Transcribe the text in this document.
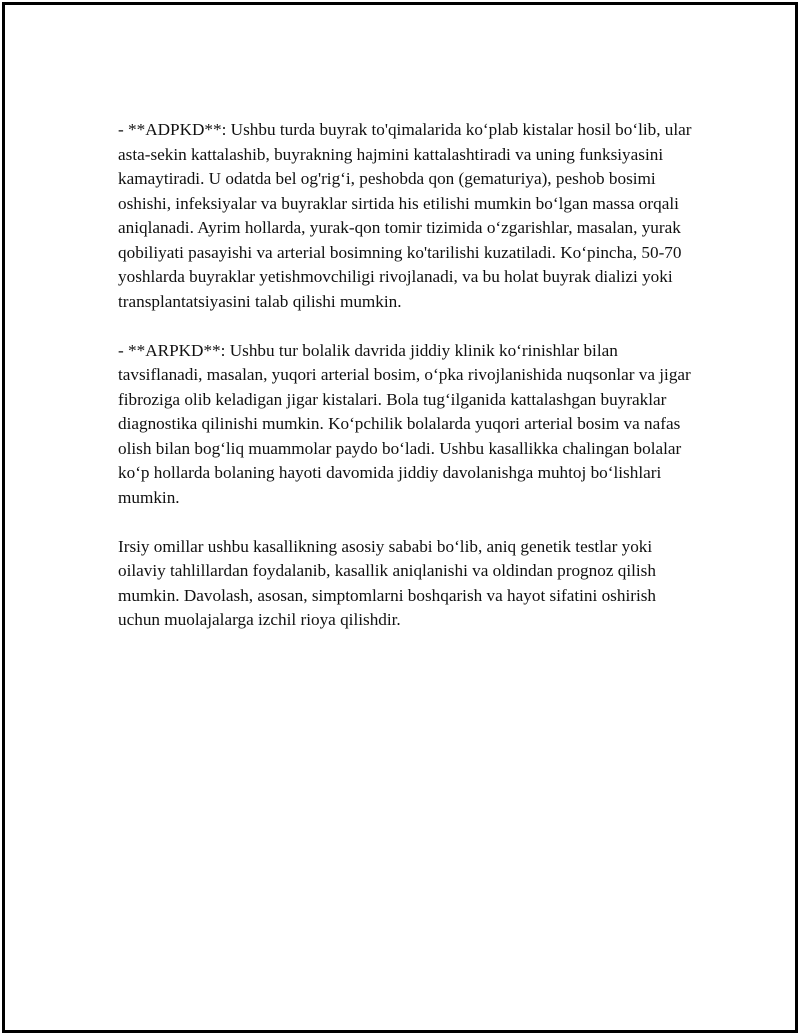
- **ADPKD**: Ushbu turda buyrak to'qimalarida ko‘plab kistalar hosil bo‘lib, ular asta-sekin kattalashib, buyrakning hajmini kattalashtiradi va uning funksiyasini kamaytiradi. U odatda bel og'rig‘i, peshobda qon (gematuriya), peshob bosimi oshishi, infeksiyalar va buyraklar sirtida his etilishi mumkin bo‘lgan massa orqali aniqlanadi. Ayrim hollarda, yurak-qon tomir tizimida o‘zgarishlar, masalan, yurak qobiliyati pasayishi va arterial bosimning ko'tarilishi kuzatiladi. Ko‘pincha, 50-70 yoshlarda buyraklar yetishmovchiligi rivojlanadi, va bu holat buyrak dializi yoki transplantatsiyasini talab qilishi mumkin.

- **ARPKD**: Ushbu tur bolalik davrida jiddiy klinik ko‘rinishlar bilan tavsiflanadi, masalan, yuqori arterial bosim, o‘pka rivojlanishida nuqsonlar va jigar fibroziga olib keladigan jigar kistalari. Bola tug‘ilganida kattalashgan buyraklar diagnostika qilinishi mumkin. Ko‘pchilik bolalarda yuqori arterial bosim va nafas olish bilan bog‘liq muammolar paydo bo‘ladi. Ushbu kasallikka chalingan bolalar ko‘p hollarda bolaning hayoti davomida jiddiy davolanishga muhtoj bo‘lishlari mumkin.

Irsiy omillar ushbu kasallikning asosiy sababi bo‘lib, aniq genetik testlar yoki oilaviy tahlillardan foydalanib, kasallik aniqlanishi va oldindan prognoz qilish mumkin. Davolash, asosan, simptomlarni boshqarish va hayot sifatini oshirish uchun muolajalarga izchil rioya qilishdir.
